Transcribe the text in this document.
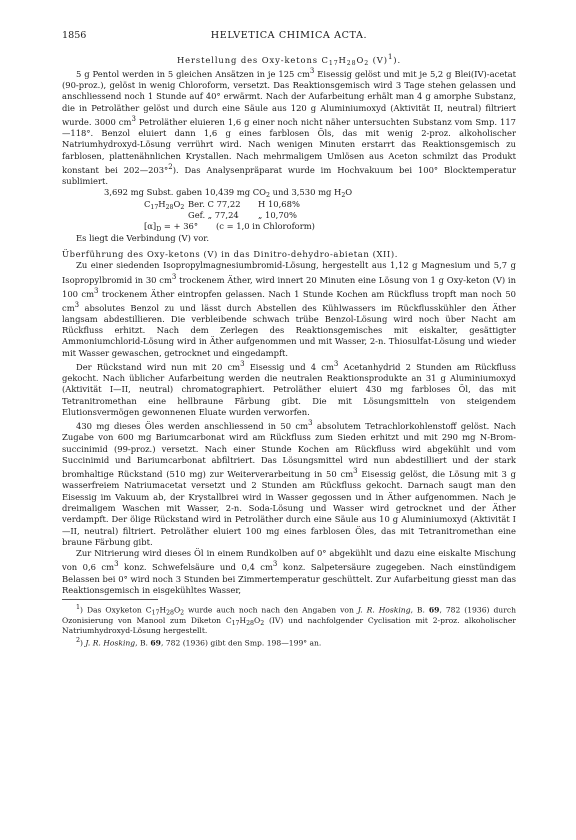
1856	HELVETICA CHIMICA ACTA.

Herstellung des Oxy-ketons $C_{17}H_{28}O_2$ $(V)^1$).

5 g Pentol werden in 5 gleichen Ansätzen in je 125 $cm^3$ Eisessig gelöst und mit je 5,2 g Blei(IV)-acetat (90-proz.), gelöst in wenig Chloroform, versetzt. Das Reaktionsgemisch wird 3 Tage stehen gelassen und anschliessend noch 1 Stunde auf 40° erwärmt. Nach der Aufarbeitung erhält man 4 g amorphe Substanz, die in Petroläther gelöst und durch eine Säule aus 120 g Aluminiumoxyd (Aktivität II, neutral) filtriert wurde. 3000 $cm^3$ Petroläther eluieren 1,6 g einer noch nicht näher untersuchten Substanz vom Smp. 117—118°. Benzol eluiert dann 1,6 g eines farblosen Öls, das mit wenig 2-proz. alkoholischer Natriumhydroxyd-Lösung verrührt wird. Nach wenigen Minuten erstarrt das Reaktionsgemisch zu farblosen, plattenähnlichen Krystallen. Nach mehrmaligem Umlösen aus Aceton schmilzt das Produkt konstant bei 202—203°$^2$). Das Analysenpräparat wurde im Hochvakuum bei 100° Blocktemperatur sublimiert.

3,692 mg Subst. gaben 10,439 mg $CO_2$ und 3,530 mg $H_2O$
$C_{17}H_{28}O_2$ Ber. C 77,22 H 10,68%
Gef. „ 77,24 „ 10,70%
$[\alpha]_D$ = + 36° (c = 1,0 in Chloroform)

Es liegt die Verbindung (V) vor.

Überführung des Oxy-ketons (V) in das Dinitro-dehydro-abietan (XII).

Zu einer siedenden Isopropylmagnesiumbromid-Lösung, hergestellt aus 1,12 g Magnesium und 5,7 g Isopropylbromid in 30 $cm^3$ trockenem Äther, wird innert 20 Minuten eine Lösung von 1 g Oxy-keton (V) in 100 $cm^3$ trockenem Äther eintropfen gelassen. Nach 1 Stunde Kochen am Rückfluss tropft man noch 50 $cm^3$ absolutes Benzol zu und lässt durch Abstellen des Kühlwassers im Rückflusskühler den Äther langsam abdestillieren. Die verbleibende schwach trübe Benzol-Lösung wird noch über Nacht am Rückfluss erhitzt. Nach dem Zerlegen des Reaktionsgemisches mit eiskalter, gesättigter Ammoniumchlorid-Lösung wird in Äther aufgenommen und mit Wasser, 2-n. Thiosulfat-Lösung und wieder mit Wasser gewaschen, getrocknet und eingedampft.

Der Rückstand wird nun mit 20 $cm^3$ Eisessig und 4 $cm^3$ Acetanhydrid 2 Stunden am Rückfluss gekocht. Nach üblicher Aufarbeitung werden die neutralen Reaktionsprodukte an 31 g Aluminiumoxyd (Aktivität I—II, neutral) chromatographiert. Petroläther eluiert 430 mg farbloses Öl, das mit Tetranitromethan eine hellbraune Färbung gibt. Die mit Lösungsmitteln von steigendem Elutionsvermögen gewonnenen Eluate wurden verworfen.

430 mg dieses Öles werden anschliessend in 50 $cm^3$ absolutem Tetrachlorkohlenstoff gelöst. Nach Zugabe von 600 mg Bariumcarbonat wird am Rückfluss zum Sieden erhitzt und mit 290 mg N-Brom-succinimid (99-proz.) versetzt. Nach einer Stunde Kochen am Rückfluss wird abgekühlt und vom Succinimid und Bariumcarbonat abfiltriert. Das Lösungsmittel wird nun abdestilliert und der stark bromhaltige Rückstand (510 mg) zur Weiterverarbeitung in 50 $cm^3$ Eisessig gelöst, die Lösung mit 3 g wasserfreiem Natriumacetat versetzt und 2 Stunden am Rückfluss gekocht. Darnach saugt man den Eisessig im Vakuum ab, der Krystallbrei wird in Wasser gegossen und in Äther aufgenommen. Nach je dreimaligem Waschen mit Wasser, 2-n. Soda-Lösung und Wasser wird getrocknet und der Äther verdampft. Der ölige Rückstand wird in Petroläther durch eine Säule aus 10 g Aluminiumoxyd (Aktivität I—II, neutral) filtriert. Petroläther eluiert 100 mg eines farblosen Öles, das mit Tetranitromethan eine braune Färbung gibt.

Zur Nitrierung wird dieses Öl in einem Rundkolben auf 0° abgekühlt und dazu eine eiskalte Mischung von 0,6 $cm^3$ konz. Schwefelsäure und 0,4 $cm^3$ konz. Salpetersäure zugegeben. Nach einstündigem Belassen bei 0° wird noch 3 Stunden bei Zimmertemperatur geschüttelt. Zur Aufarbeitung giesst man das Reaktionsgemisch in eisgekühltes Wasser,

$^1$) Das Oxyketon $C_{17}H_{28}O_2$ wurde auch noch nach den Angaben von J. R. Hosking, B. 69, 782 (1936) durch Ozonisierung von Manool zum Diketon $C_{17}H_{28}O_2$ (IV) und nachfolgender Cyclisation mit 2-proz. alkoholischer Natriumhydroxyd-Lösung hergestellt.

$^2$) J. R. Hosking, B. 69, 782 (1936) gibt den Smp. 198—199° an.
